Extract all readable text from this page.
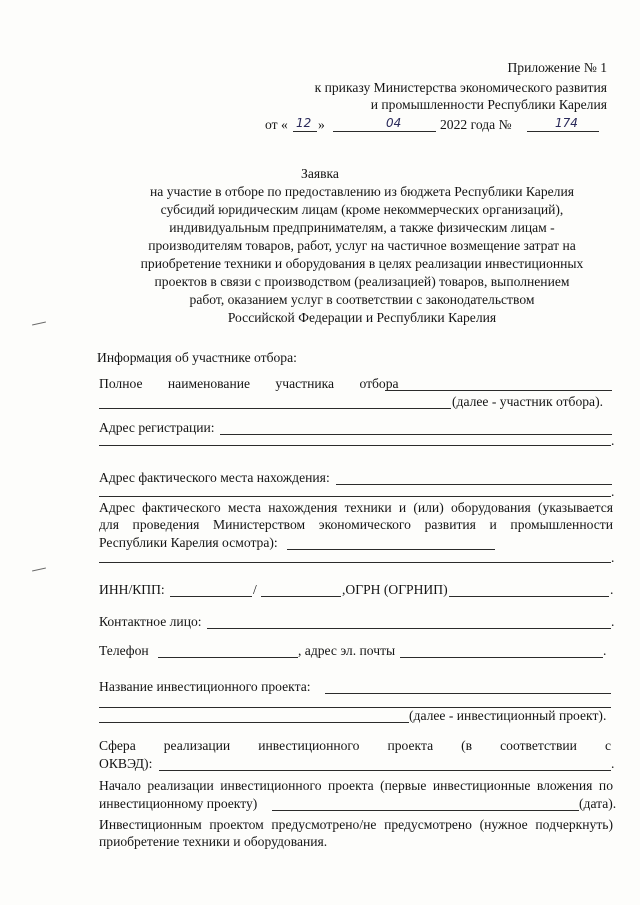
Приложение № 1
к приказу Министерства экономического развития
и промышленности Республики Карелия
от « 12 »	04	2022 года №	174
Заявка
на участие в отборе по предоставлению из бюджета Республики Карелия
субсидий юридическим лицам (кроме некоммерческих организаций),
индивидуальным предпринимателям, а также физическим лицам -
производителям товаров, работ, услуг на частичное возмещение затрат на
приобретение техники и оборудования в целях реализации инвестиционных
проектов в связи с производством (реализацией) товаров, выполнением
работ, оказанием услуг в соответствии с законодательством
Российской Федерации и Республики Карелия
Информация об участнике отбора:
Полное наименование участника отбора
(далее - участник отбора).
Адрес регистрации:
.
Адрес фактического места нахождения:
.
Адрес фактического места нахождения техники и (или) оборудования (указывается
для проведения Министерством экономического развития и промышленности
Республики Карелия осмотра):
.
ИНН/КПП:	/	,ОГРН (ОГРНИП)	.
Контактное лицо:	.
Телефон	, адрес эл. почты	.
Название инвестиционного проекта:
(далее - инвестиционный проект).
Сфера реализации инвестиционного проекта (в соответствии с
ОКВЭД):	.
Начало реализации инвестиционного проекта (первые инвестиционные вложения по
инвестиционному проекту)	(дата).
Инвестиционным проектом предусмотрено/не предусмотрено (нужное подчеркнуть)
приобретение техники и оборудования.
